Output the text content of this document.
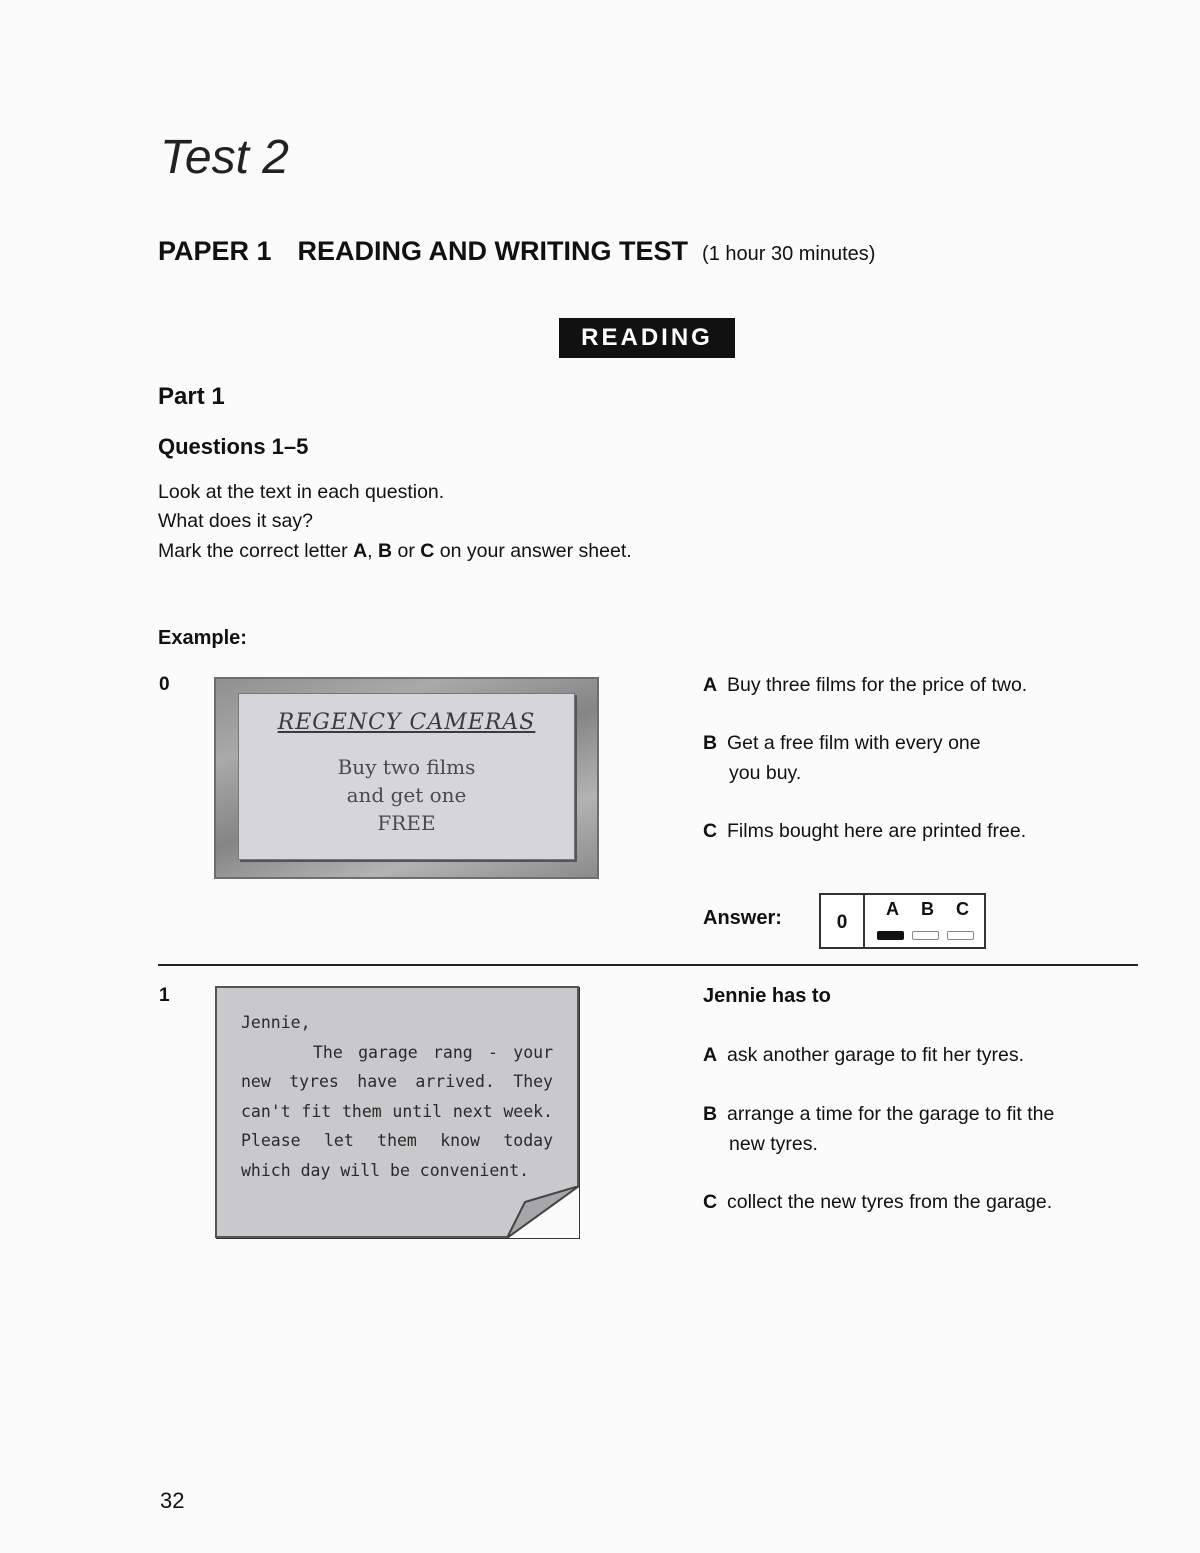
Test 2
PAPER 1 READING AND WRITING TEST (1 hour 30 minutes)
READING
Part 1
Questions 1–5
Look at the text in each question.
What does it say?
Mark the correct letter A, B or C on your answer sheet.
Example:
0
REGENCY CAMERAS
Buy two films
and get one
FREE
A Buy three films for the price of two.
B Get a free film with every one
you buy.
C Films bought here are printed free.
Answer:	0
A B C
1

Jennie,

The garage rang - your new tyres have arrived. They can't fit them until next week. Please let them know today which day will be convenient.

Jennie has to
A ask another garage to fit her tyres.
B arrange a time for the garage to fit the
new tyres.
C collect the new tyres from the garage.
32
